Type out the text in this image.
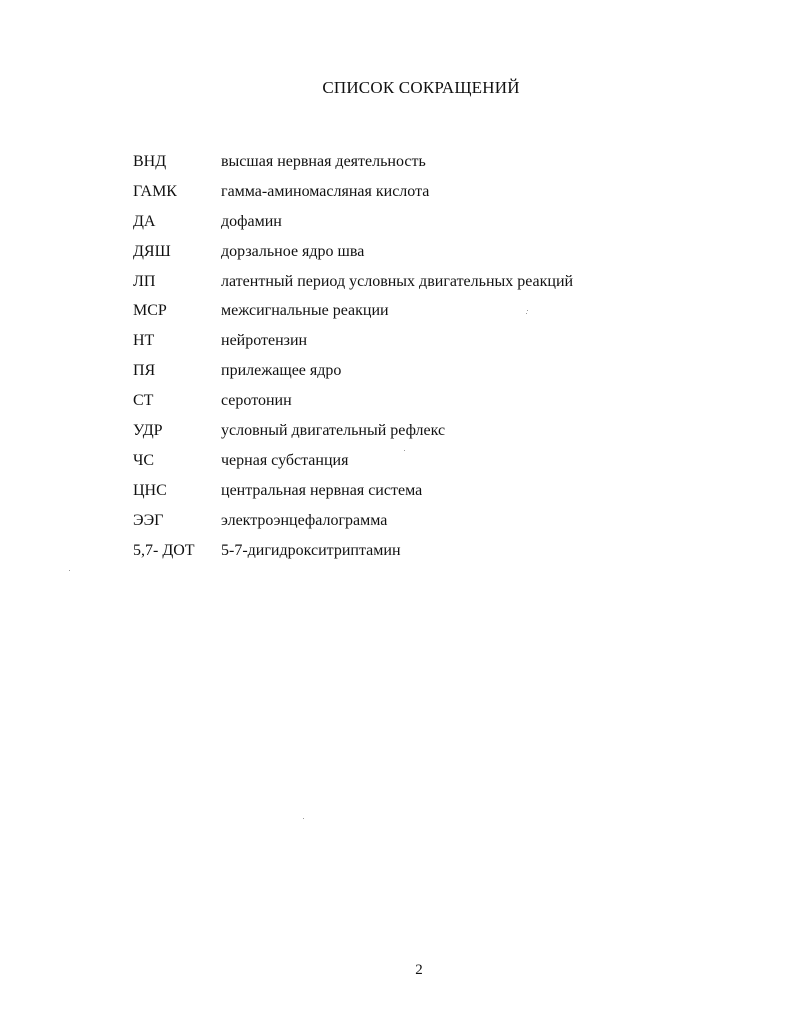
СПИСОК СОКРАЩЕНИЙ
ВНД	высшая нервная деятельность
ГАМК	гамма-аминомасляная кислота
ДА	дофамин
ДЯШ	дорзальное ядро шва
ЛП	латентный период условных двигательных реакций
МСР	межсигнальные реакции
НТ	нейротензин
ПЯ	прилежащее ядро
СТ	серотонин
УДР	условный двигательный рефлекс
ЧС	черная субстанция
ЦНС	центральная нервная система
ЭЭГ	электроэнцефалограмма
5,7- ДОТ	5-7-дигидрокситриптамин
2
